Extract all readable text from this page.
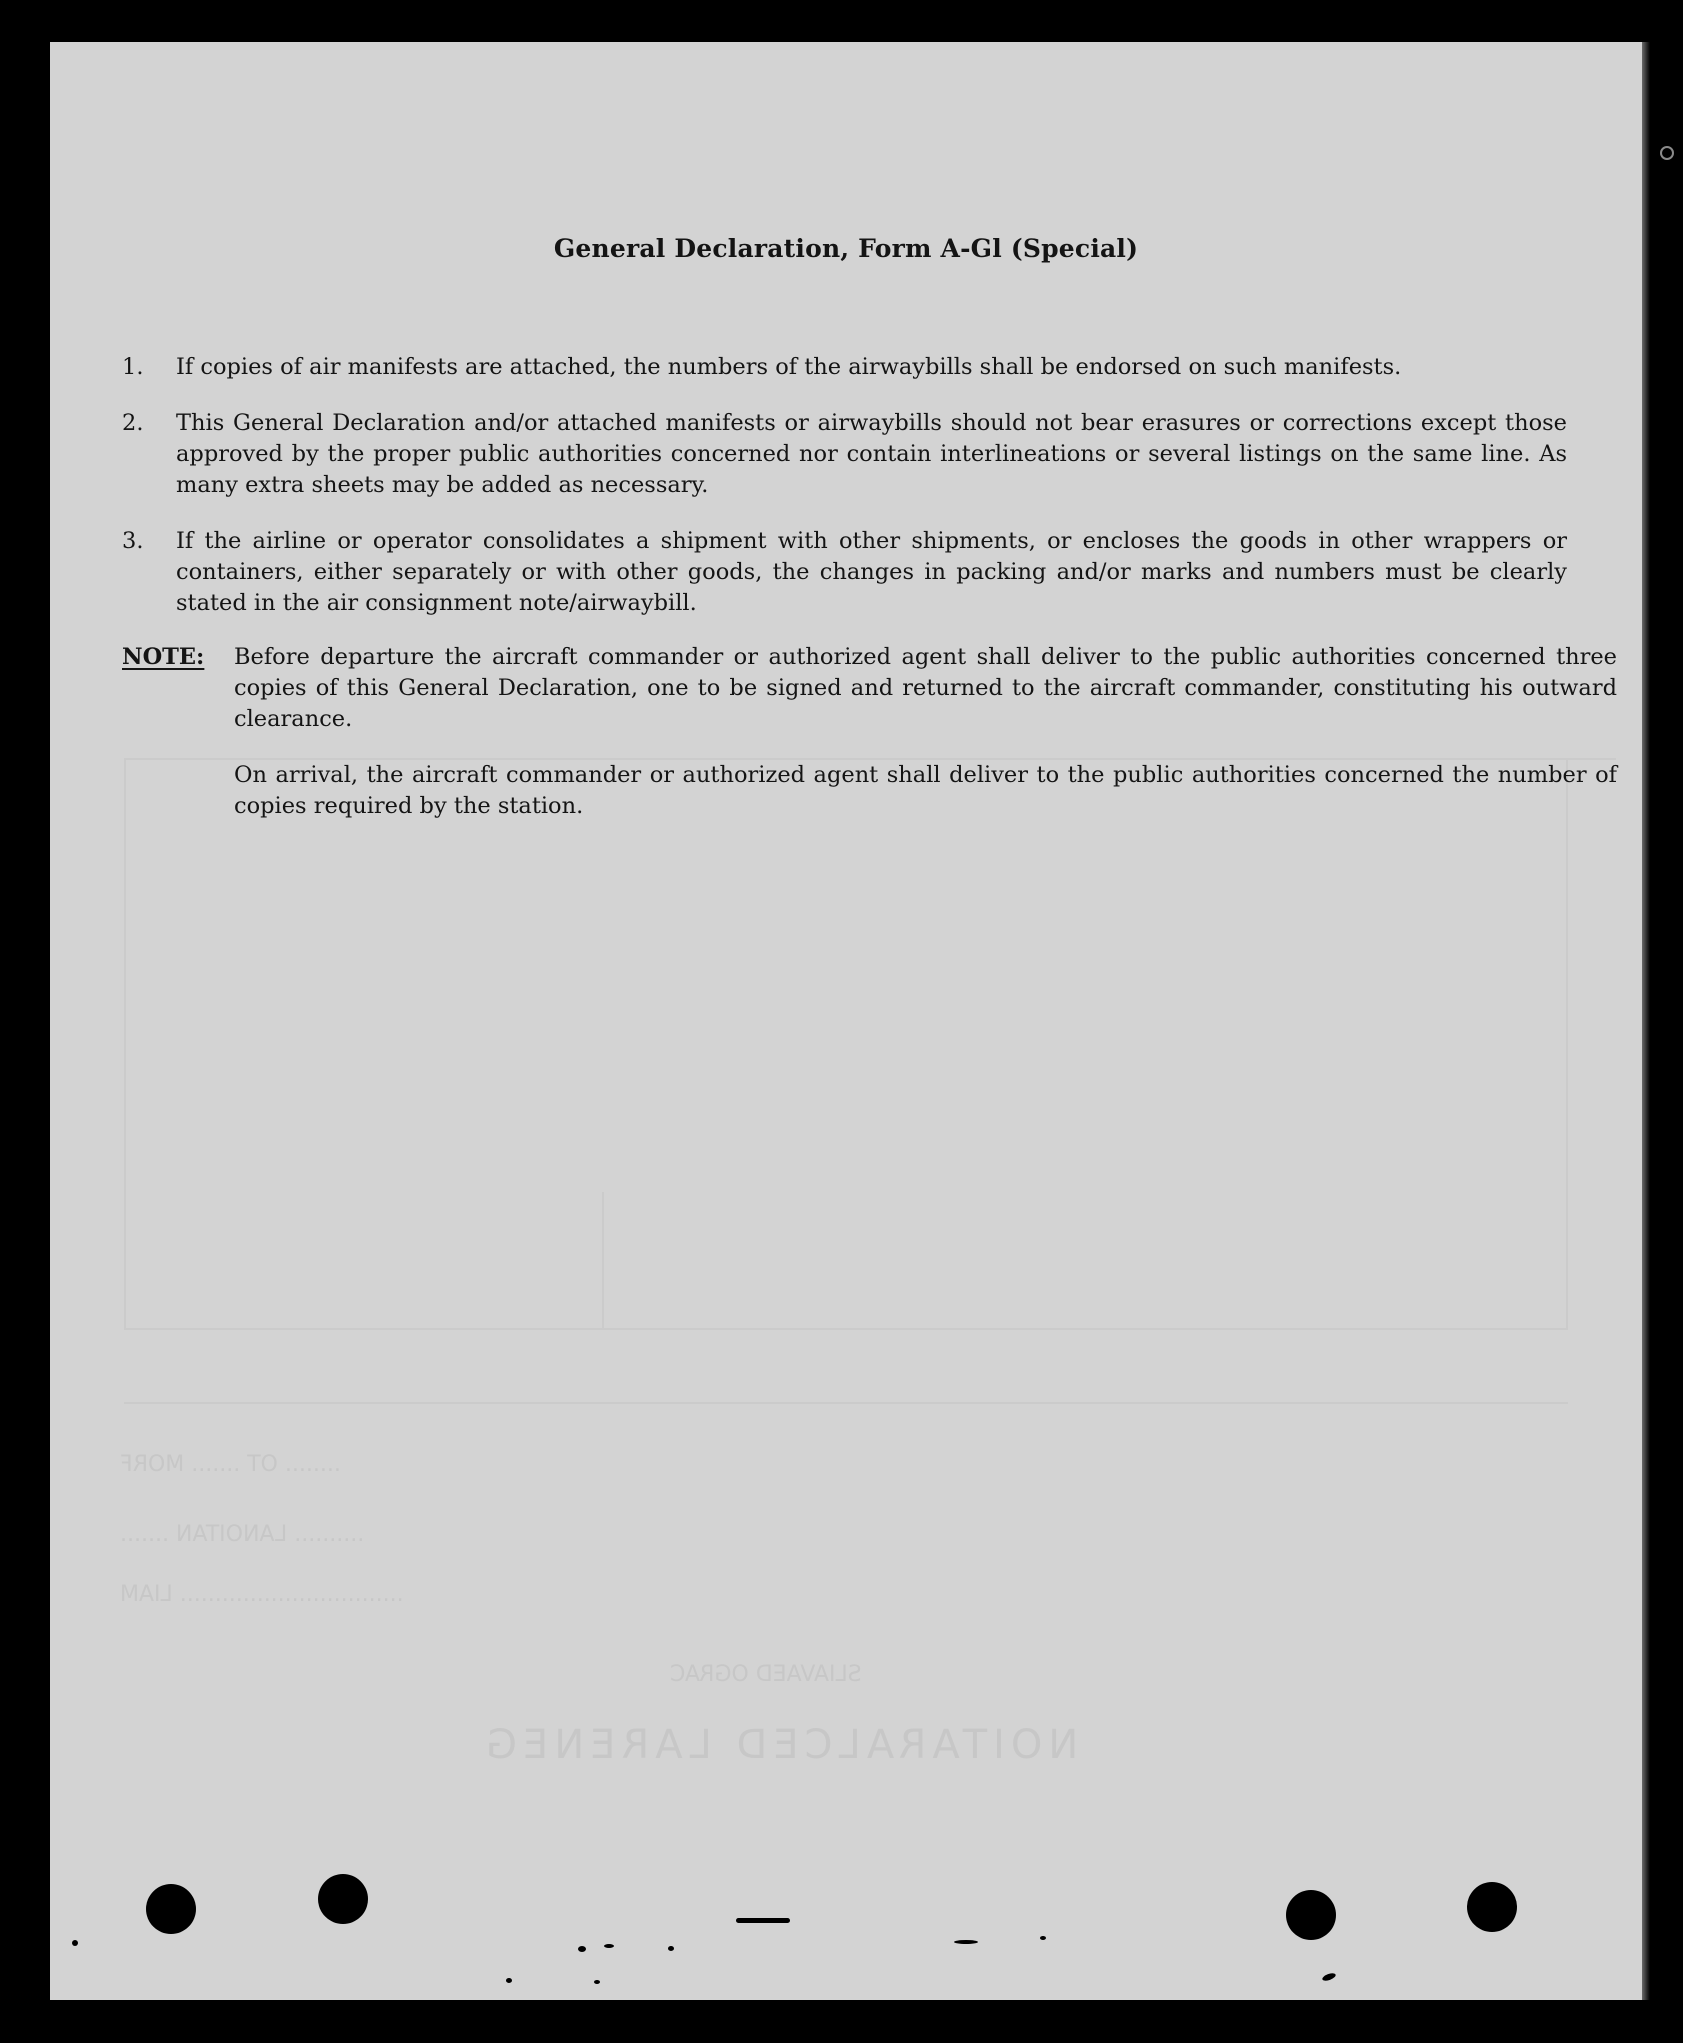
NOITARALCED LARENEG
SLIAVAED OGRAC
........ OT ....... MORF
.......... LANOITAN .......
................................ LIAM
General Declaration, Form A-Gl (Special)
1.	If copies of air manifests are attached, the numbers of the airwaybills shall be endorsed on such manifests.
2.	This General Declaration and/or attached manifests or airwaybills should not bear erasures or corrections except those approved by the proper public authorities concerned nor contain interlineations or several listings on the same line. As many extra sheets may be added as necessary.
3.	If the airline or operator consolidates a shipment with other shipments, or encloses the goods in other wrappers or containers, either separately or with other goods, the changes in packing and/or marks and numbers must be clearly stated in the air consignment note/airwaybill.
NOTE: Before departure the aircraft commander or authorized agent shall deliver to the public authorities concerned three copies of this General Declaration, one to be signed and returned to the aircraft commander, constituting his outward clearance.
On arrival, the aircraft commander or authorized agent shall deliver to the public authorities concerned the number of copies required by the station.
